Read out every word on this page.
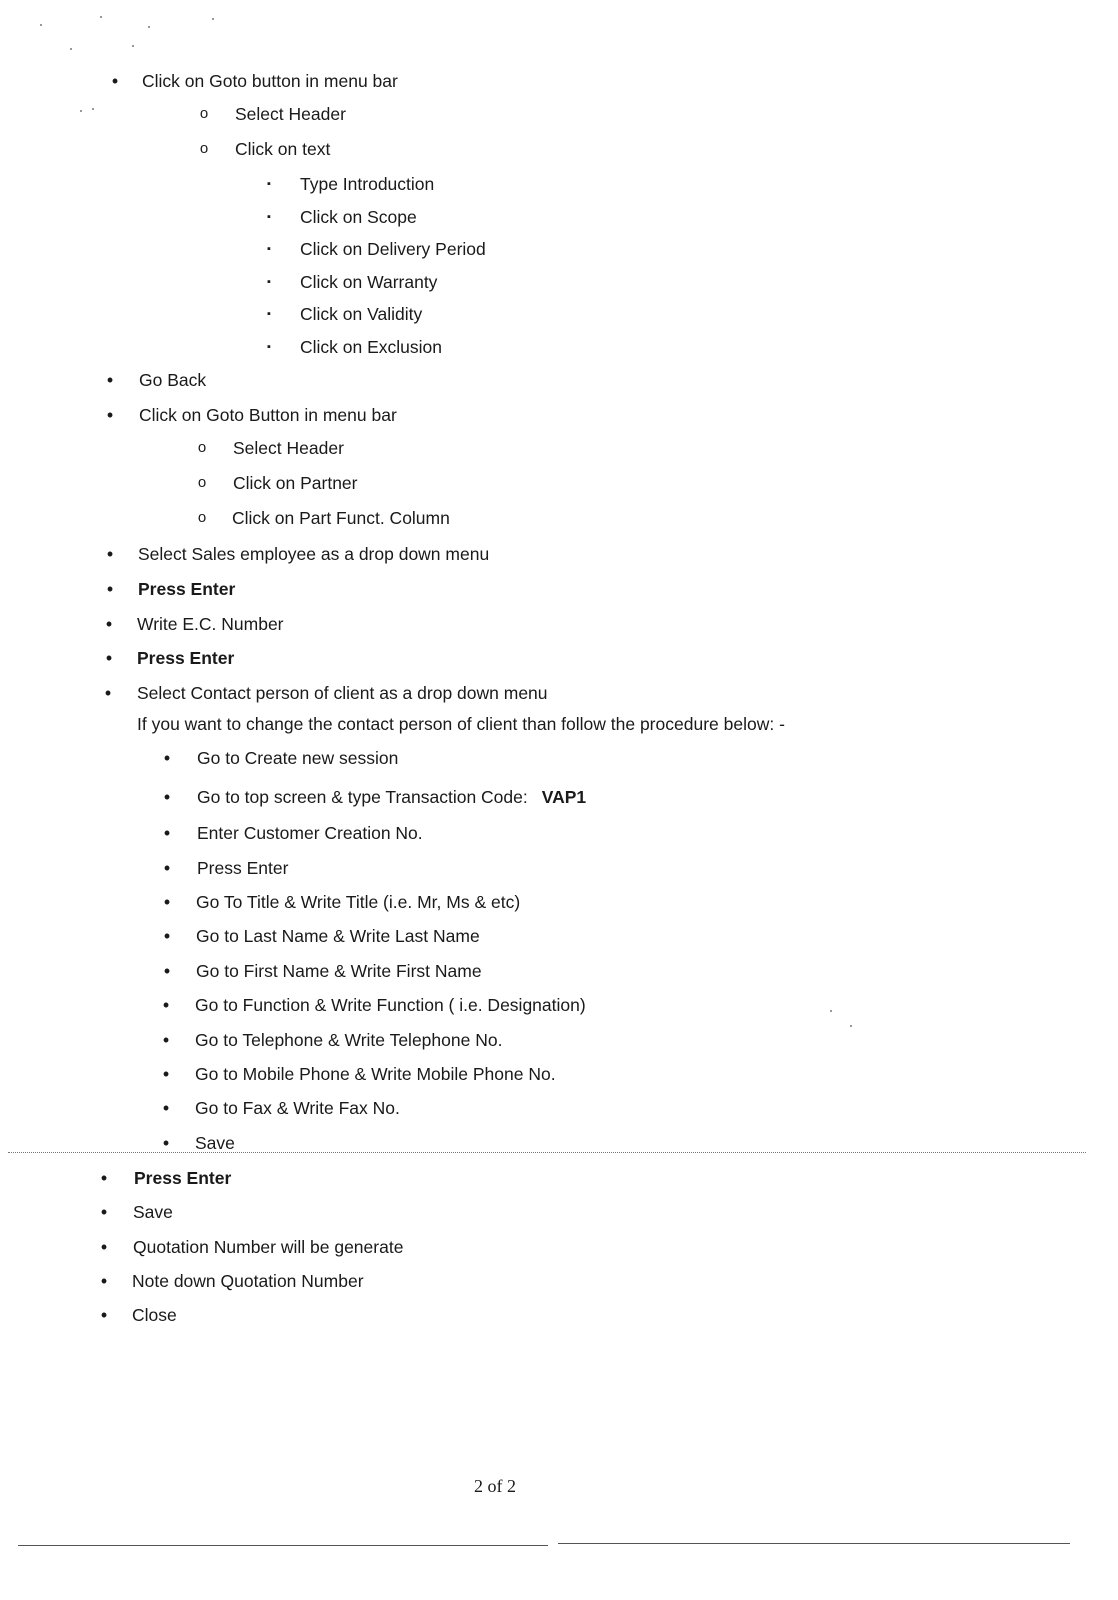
• Click on Goto button in menu bar
o Select Header
o Click on text
▪ Type Introduction
▪ Click on Scope
▪ Click on Delivery Period
▪ Click on Warranty
▪ Click on Validity
▪ Click on Exclusion
• Go Back
• Click on Goto Button in menu bar
o Select Header
o Click on Partner
o Click on Part Funct. Column
• Select Sales employee as a drop down menu
• Press Enter
• Write E.C. Number
• Press Enter
• Select Contact person of client as a drop down menu
If you want to change the contact person of client than follow the procedure below: -
• Go to Create new session
• Go to top screen & type Transaction Code: VAP1
• Enter Customer Creation No.
• Press Enter
• Go To Title & Write Title (i.e. Mr, Ms & etc)
• Go to Last Name & Write Last Name
• Go to First Name & Write First Name
• Go to Function & Write Function ( i.e. Designation)
• Go to Telephone & Write Telephone No.
• Go to Mobile Phone & Write Mobile Phone No.
• Go to Fax & Write Fax No.
• Save
• Press Enter
• Save
• Quotation Number will be generate
• Note down Quotation Number
• Close
2 of 2
